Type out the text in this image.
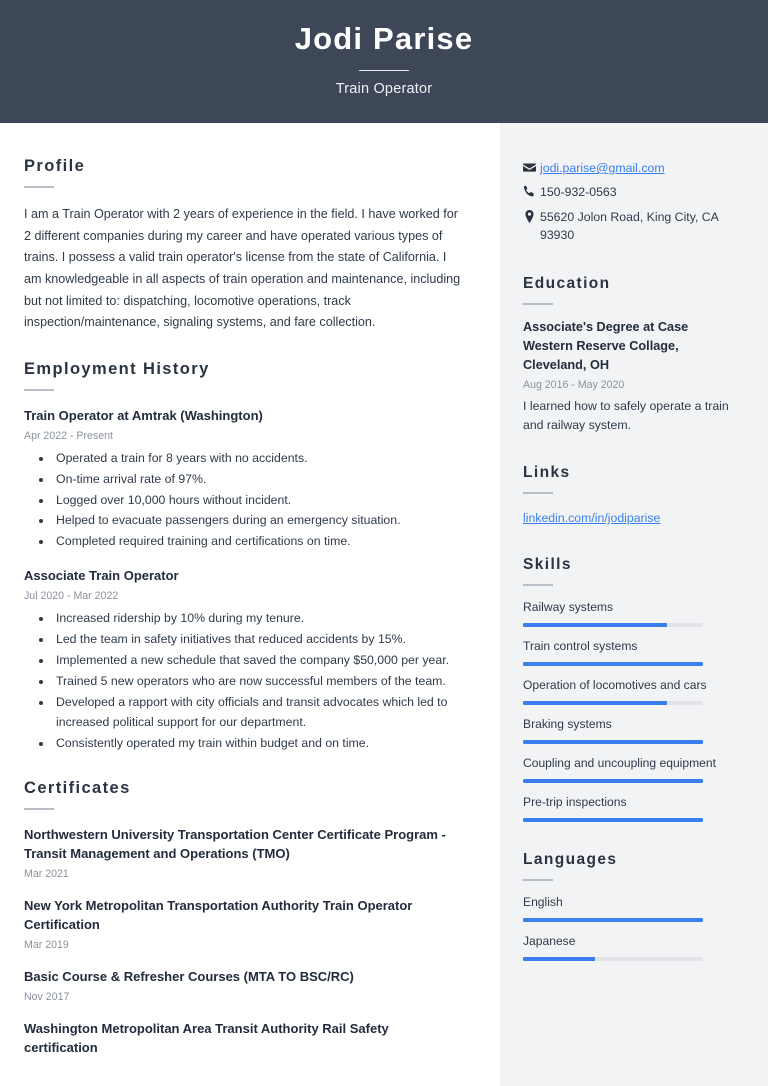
Jodi Parise
Train Operator
Profile
I am a Train Operator with 2 years of experience in the field. I have worked for 2 different companies during my career and have operated various types of trains. I possess a valid train operator's license from the state of California. I am knowledgeable in all aspects of train operation and maintenance, including but not limited to: dispatching, locomotive operations, track inspection/maintenance, signaling systems, and fare collection.
Employment History
Train Operator at Amtrak (Washington)
Apr 2022 - Present
• Operated a train for 8 years with no accidents.
• On-time arrival rate of 97%.
• Logged over 10,000 hours without incident.
• Helped to evacuate passengers during an emergency situation.
• Completed required training and certifications on time.
Associate Train Operator
Jul 2020 - Mar 2022
• Increased ridership by 10% during my tenure.
• Led the team in safety initiatives that reduced accidents by 15%.
• Implemented a new schedule that saved the company $50,000 per year.
• Trained 5 new operators who are now successful members of the team.
• Developed a rapport with city officials and transit advocates which led to increased political support for our department.
• Consistently operated my train within budget and on time.
Certificates
Northwestern University Transportation Center Certificate Program - Transit Management and Operations (TMO)
Mar 2021
New York Metropolitan Transportation Authority Train Operator Certification
Mar 2019
Basic Course & Refresher Courses (MTA TO BSC/RC)
Nov 2017
Washington Metropolitan Area Transit Authority Rail Safety certification
jodi.parise@gmail.com
150-932-0563
55620 Jolon Road, King City, CA 93930
Education
Associate's Degree at Case Western Reserve Collage, Cleveland, OH
Aug 2016 - May 2020
I learned how to safely operate a train and railway system.
Links
linkedin.com/in/jodiparise
Skills
Railway systems
Train control systems
Operation of locomotives and cars
Braking systems
Coupling and uncoupling equipment
Pre-trip inspections
Languages
English
Japanese
